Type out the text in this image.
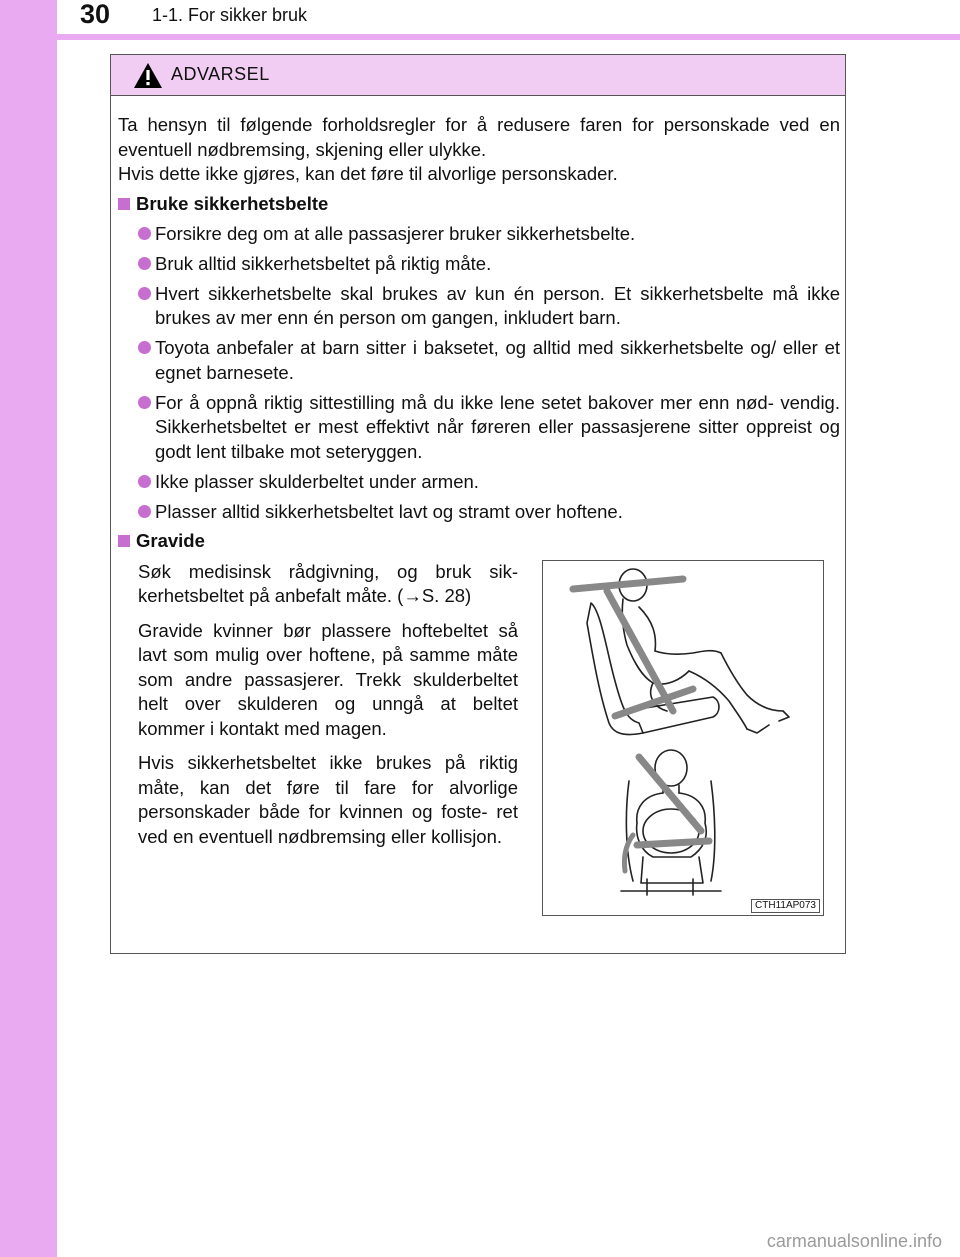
30 1-1. For sikker bruk
ADVARSEL

Ta hensyn til følgende forholdsregler for å redusere faren for personskade ved en eventuell nødbremsing, skjening eller ulykke.

Hvis dette ikke gjøres, kan det føre til alvorlige personskader.

Bruke sikkerhetsbelte
Forsikre deg om at alle passasjerer bruker sikkerhetsbelte.
Bruk alltid sikkerhetsbeltet på riktig måte.
Hvert sikkerhetsbelte skal brukes av kun én person. Et sikkerhetsbelte må ikke brukes av mer enn én person om gangen, inkludert barn.
Toyota anbefaler at barn sitter i baksetet, og alltid med sikkerhetsbelte og/ eller et egnet barnesete.
For å oppnå riktig sittestilling må du ikke lene setet bakover mer enn nød- vendig. Sikkerhetsbeltet er mest effektivt når føreren eller passasjerene sitter oppreist og godt lent tilbake mot seteryggen.
Ikke plasser skulderbeltet under armen.
Plasser alltid sikkerhetsbeltet lavt og stramt over hoftene.
Gravide

Søk medisinsk rådgivning, og bruk sik- kerhetsbeltet på anbefalt måte. (→S. 28)

Gravide kvinner bør plassere hoftebeltet så lavt som mulig over hoftene, på samme måte som andre passasjerer. Trekk skulderbeltet helt over skulderen og unngå at beltet kommer i kontakt med magen.

Hvis sikkerhetsbeltet ikke brukes på riktig måte, kan det føre til fare for alvorlige personskader både for kvinnen og foste- ret ved en eventuell nødbremsing eller kollisjon.

CTH11AP073
carmanualsonline.info
